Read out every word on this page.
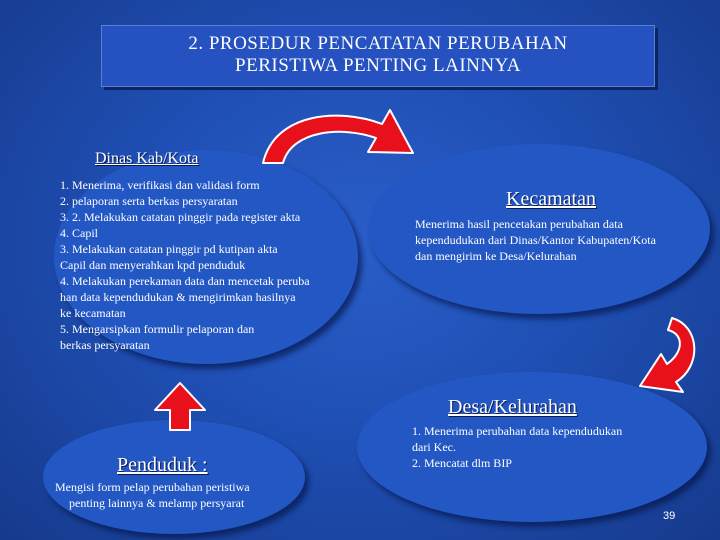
2. PROSEDUR PENCATATAN PERUBAHAN
PERISTIWA PENTING LAINNYA
Dinas Kab/Kota
1. Menerima, verifikasi dan validasi form
2. pelaporan serta berkas persyaratan
3. 2. Melakukan catatan pinggir pada register akta
4. Capil
3. Melakukan catatan pinggir pd kutipan akta
Capil dan menyerahkan kpd penduduk
4. Melakukan perekaman data dan mencetak peruba
han data kependudukan & mengirimkan hasilnya
ke kecamatan
5. Mengarsipkan formulir pelaporan dan
berkas persyaratan
Kecamatan
Menerima hasil pencetakan perubahan data
kependudukan dari Dinas/Kantor Kabupaten/Kota
dan mengirim ke Desa/Kelurahan
Desa/Kelurahan
1. Menerima perubahan data kependudukan
dari Kec.
2. Mencatat dlm BIP
Penduduk :
Mengisi form pelap perubahan peristiwa
penting lainnya & melamp persyarat
39
